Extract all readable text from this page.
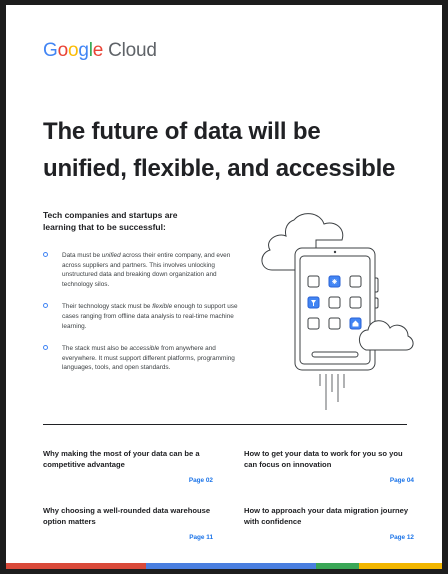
Google Cloud
The future of data will be
unified, flexible, and accessible

Tech companies and startups are
learning that to be successful:

Data must be unified across their entire company, and even across suppliers and partners. This involves unlocking unstructured data and breaking down organization and technology silos.
Their technology stack must be flexible enough to support use cases ranging from offline data analysis to real-time machine learning.
The stack must also be accessible from anywhere and everywhere. It must support different platforms, programming languages, tools, and open standards.
Why making the most of your data can be a competitive advantage
Page 02
How to get your data to work for you so you can focus on innovation
Page 04
Why choosing a well-rounded data warehouse option matters
Page 11
How to approach your data migration journey with confidence
Page 12
